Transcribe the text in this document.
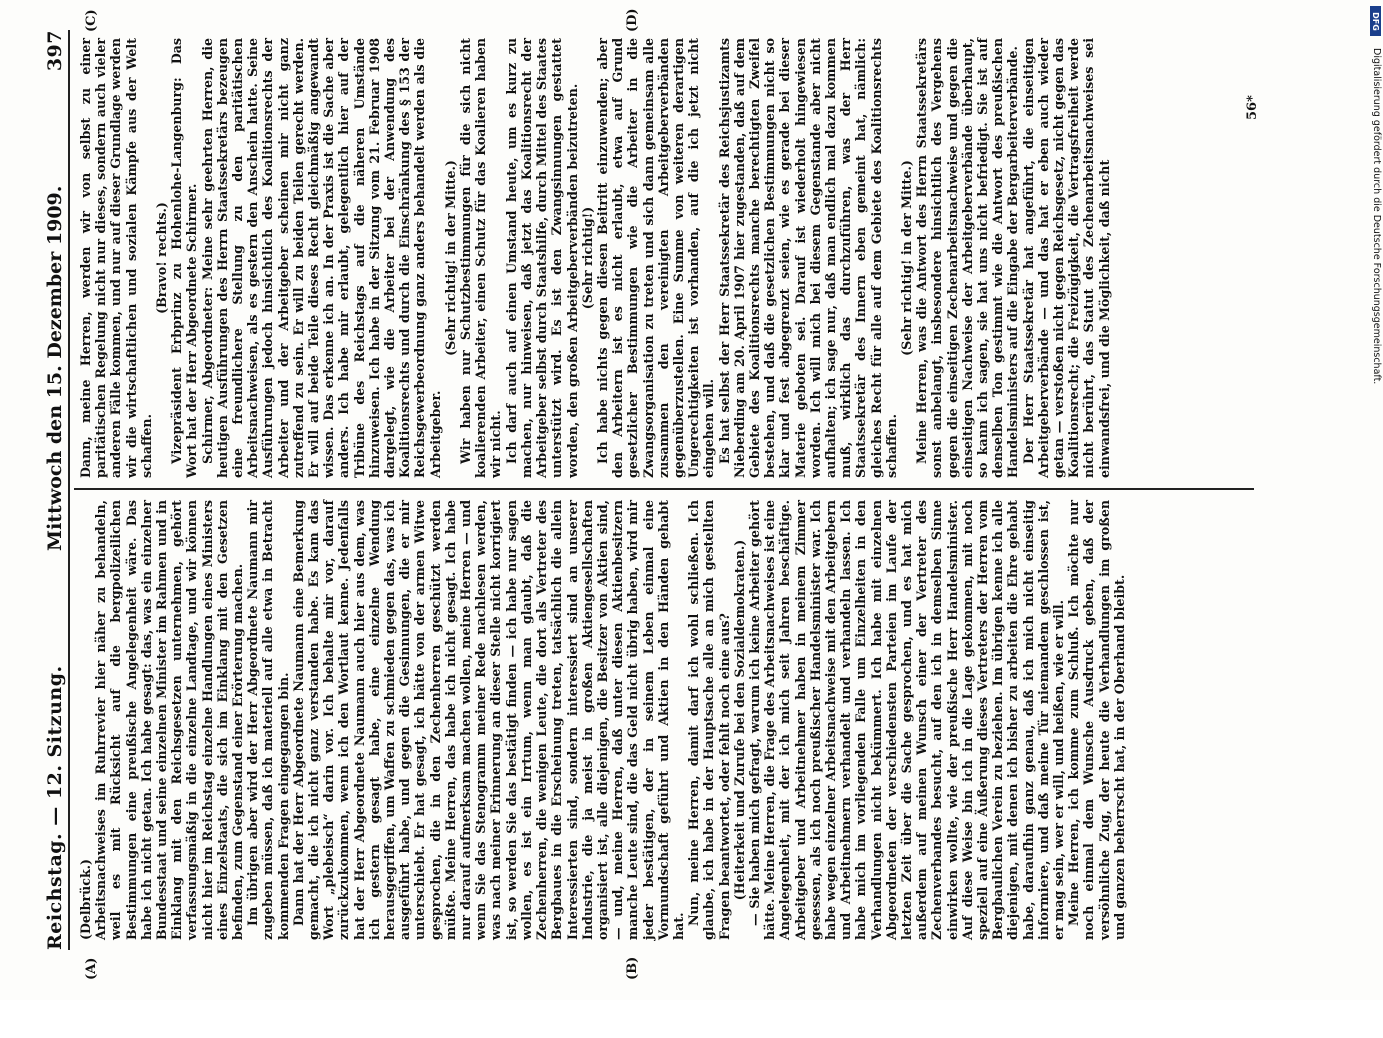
Reichstag. — 12. Sitzung.
Mittwoch den 15. Dezember 1909.
397
(A)	(B)
(C)	(D)

(Delbrück.) Arbeitsnachweises im Ruhrrevier hier näher zu behandeln, weil es mit Rücksicht auf die bergpolizeilichen Bestimmungen eine preußische Angelegenheit wäre. Das habe ich nicht getan. Ich habe gesagt: das, was ein einzelner Bundesstaat und seine einzelnen Minister im Rahmen und in Einklang mit den Reichsgesetzen unternehmen, gehört verfassungsmäßig in die einzelne Landtage, und wir können nicht hier im Reichstag einzelne Handlungen eines Ministers eines Einzelstaats, die sich im Einklang mit den Gesetzen befinden, zum Gegenstand einer Erörterung machen. Im übrigen aber wird der Herr Abgeordnete Naumann mir zugeben müssen, daß ich materiell auf alle etwa in Betracht kommenden Fragen eingegangen bin. Dann hat der Herr Abgeordnete Naumann eine Bemerkung gemacht, die ich nicht ganz verstanden habe. Es kam das Wort „plebeisch“ darin vor. Ich behalte mir vor, darauf zurückzukommen, wenn ich den Wortlaut kenne. Jedenfalls hat der Herr Abgeordnete Naumann auch hier aus dem, was ich gestern gesagt habe, eine einzelne Wendung herausgegriffen, um Waffen zu schmieden gegen das, was ich ausgeführt habe, und gegen die Gesinnungen, die er mir unterschiebt. Er hat gesagt, ich hätte von der armen Witwe gesprochen, die in den Zechenherren geschützt werden müßte. Meine Herren, das habe ich nicht gesagt. Ich habe nur darauf aufmerksam machen wollen, meine Herren — und wenn Sie das Stenogramm meiner Rede nachlesen werden, was nach meiner Erinnerung an dieser Stelle nicht korrigiert ist, so werden Sie das bestätigt finden — ich habe nur sagen wollen, es ist ein Irrtum, wenn man glaubt, daß die Zechenherren, die wenigen Leute, die dort als Vertreter des Bergbaues in die Erscheinung treten, tatsächlich die allein Interessierten sind, sondern interessiert sind an unserer Industrie, die ja meist in großen Aktiengesellschaften organisiert ist, alle diejenigen, die Besitzer von Aktien sind, — und, meine Herren, daß unter diesen Aktienbesitzern manche Leute sind, die das Geld nicht übrig haben, wird mir jeder bestätigen, der in seinem Leben einmal eine Vormundschaft geführt und Aktien in den Händen gehabt hat.

Nun, meine Herren, damit darf ich wohl schließen. Ich glaube, ich habe in der Hauptsache alle an mich gestellten Fragen beantwortet, oder fehlt noch eine aus? (Heiterkeit und Zurufe bei den Sozialdemokraten.) — Sie haben mich gefragt, warum ich keine Arbeiter gehört hätte. Meine Herren, die Frage des Arbeitsnachweises ist eine Angelegenheit, mit der ich mich seit Jahren beschäftige. Arbeitgeber und Arbeitnehmer haben in meinem Zimmer gesessen, als ich noch preußischer Handelsminister war. Ich habe wegen einzelner Arbeitsnachweise mit den Arbeitgebern und Arbeitnehmern verhandelt und verhandeln lassen. Ich habe mich im vorliegenden Falle um Einzelheiten in den Verhandlungen nicht bekümmert. Ich habe mit einzelnen Abgeordneten der verschiedensten Parteien im Laufe der letzten Zeit über die Sache gesprochen, und es hat mich außerdem auf meinen Wunsch einer der Vertreter des Zechenverbandes besucht, auf den ich in demselben Sinne einwirken wollte, wie der preußische Herr Handelsminister. Auf diese Weise bin ich in die Lage gekommen, mit noch speziell auf eine Äußerung dieses Vertreters der Herren vom Bergbaulichen Verein zu beziehen. Im übrigen kenne ich alle diejenigen, mit denen ich bisher zu arbeiten die Ehre gehabt habe, daraufhin ganz genau, daß ich mich nicht einseitig informiere, und daß meine Tür niemandem geschlossen ist, er mag sein, wer er will, und heißen, wie er will. Meine Herren, ich komme zum Schluß. Ich möchte nur noch einmal dem Wunsche Ausdruck geben, daß der versöhnliche Zug, der heute die Verhandlungen im großen und ganzen beherrscht hat, in der Oberhand bleibt.

Dann, meine Herren, werden wir von selbst zu einer paritätischen Regelung nicht nur dieses, sondern auch vieler anderen Fälle kommen, und nur auf dieser Grundlage werden wir die wirtschaftlichen und sozialen Kämpfe aus der Welt schaffen.

(Bravo! rechts.) Vizepräsident Erbprinz zu Hohenlohe-Langenburg: Das Wort hat der Herr Abgeordnete Schirmer. Schirmer, Abgeordneter: Meine sehr geehrten Herren, die heutigen Ausführungen des Herrn Staatssekretärs bezeugen eine freundlichere Stellung zu den paritätischen Arbeitsnachweisen, als es gestern den Anschein hatte. Seine Ausführungen jedoch hinsichtlich des Koalitionsrechts der Arbeiter und der Arbeitgeber scheinen mir nicht ganz zutreffend zu sein. Er will zu beiden Teilen gerecht werden. Er will auf beide Teile dieses Recht gleichmäßig angewandt wissen. Das erkenne ich an. In der Praxis ist die Sache aber anders. Ich habe mir erlaubt, gelegentlich hier auf der Tribüne des Reichstags auf die näheren Umstände hinzuweisen. Ich habe in der Sitzung vom 21. Februar 1908 dargelegt, wie die Arbeiter bei der Anwendung des Koalitionsrechts und durch die Einschränkung des § 153 der Reichsgewerbeordnung ganz anders behandelt werden als die Arbeitgeber.

(Sehr richtig! in der Mitte.) Wir haben nur Schutzbestimmungen für die sich nicht koalierenden Arbeiter, einen Schutz für das Koalieren haben wir nicht. Ich darf auch auf einen Umstand heute, um es kurz zu machen, nur hinweisen, daß jetzt das Koalitionsrecht der Arbeitgeber selbst durch Staatshilfe, durch Mittel des Staates unterstützt wird. Es ist den Zwangsinnungen gestattet worden, den großen Arbeitgeberverbänden beizutreten. (Sehr richtig!) Ich habe nichts gegen diesen Beitritt einzuwenden; aber den Arbeitern ist es nicht erlaubt, etwa auf Grund gesetzlicher Bestimmungen wie die Arbeiter in die Zwangsorganisation zu treten und sich dann gemeinsam alle zusammen den vereinigten Arbeitgeberverbänden gegenüberzustellen. Eine Summe von weiteren derartigen Ungerechtigkeiten ist vorhanden, auf die ich jetzt nicht eingehen will. Es hat selbst der Herr Staatssekretär des Reichsjustizamts Nieberding am 20. April 1907 hier zugestanden, daß auf dem Gebiete des Koalitionsrechts manche berechtigten Zweifel bestehen, und daß die gesetzlichen Bestimmungen nicht so klar und fest abgegrenzt seien, wie es gerade bei dieser Materie geboten sei. Darauf ist wiederholt hingewiesen worden. Ich will mich bei diesem Gegenstande aber nicht aufhalten; ich sage nur, daß man endlich mal dazu kommen muß, wirklich das durchzuführen, was der Herr Staatssekretär des Innern eben gemeint hat, nämlich: gleiches Recht für alle auf dem Gebiete des Koalitionsrechts schaffen.

(Sehr richtig! in der Mitte.) Meine Herren, was die Antwort des Herrn Staatssekretärs sonst anbelangt, insbesondere hinsichtlich des Vergehens gegen die einseitigen Zechenarbeitsnachweise und gegen die einseitigen Nachweise der Arbeitgeberverbände überhaupt, so kann ich sagen, sie hat uns nicht befriedigt. Sie ist auf denselben Ton gestimmt wie die Antwort des preußischen Handelsministers auf die Eingabe der Bergarbeiterverbände. Der Herr Staatssekretär hat angeführt, die einseitigen Arbeitgeberverbände — und das hat er eben auch wieder getan — verstoßen nicht gegen Reichsgesetz, nicht gegen das Koalitionsrecht; die Freizügigkeit, die Vertragsfreiheit werde nicht berührt, das Statut des Zechenarbeitsnachweises sei einwandsfrei, und die Möglichkeit, daß nicht

56*
DFG
Digitalisierung gefördert durch die Deutsche Forschungsgemeinschaft.
